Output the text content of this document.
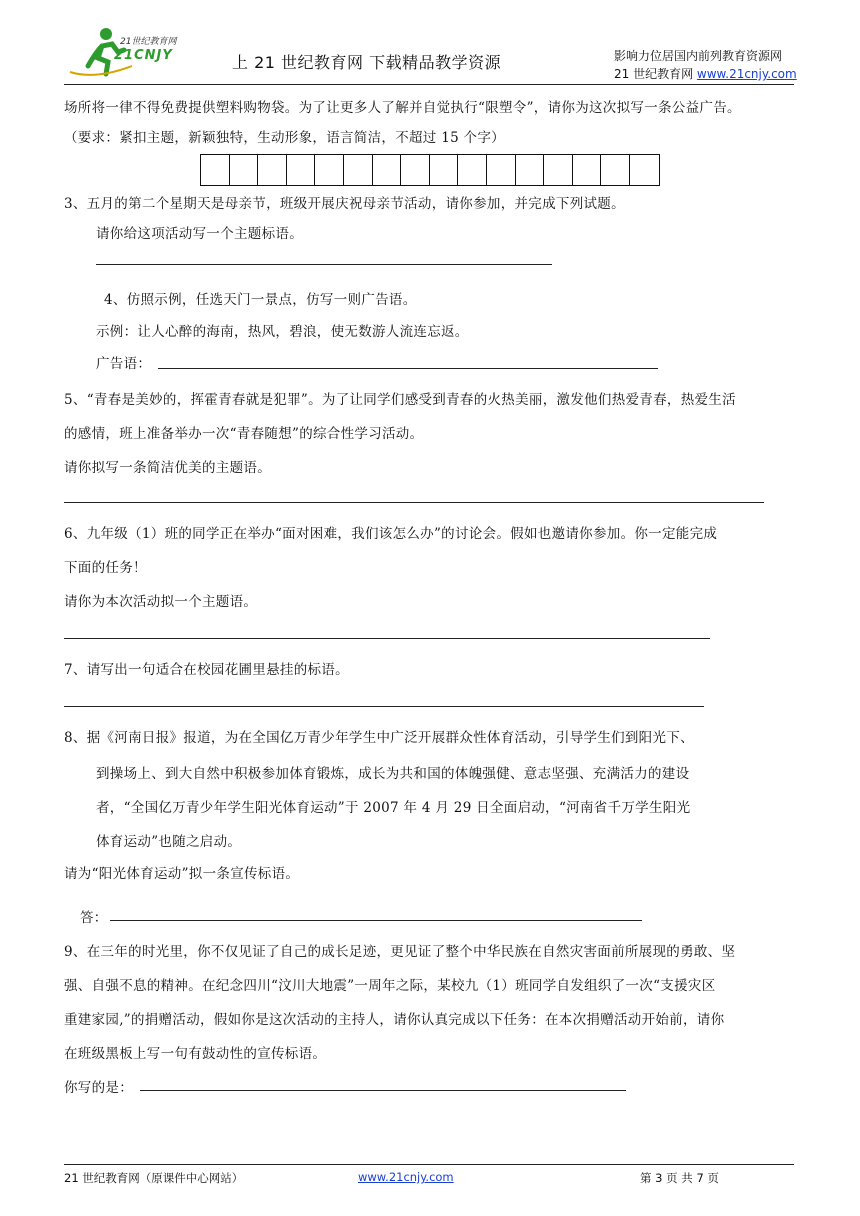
21世纪教育网
21CNJY	上 21 世纪教育网 下载精品教学资源	影响力位居国内前列教育资源网
21 世纪教育网 www.21cnjy.com
场所将一律不得免费提供塑料购物袋。为了让更多人了解并自觉执行“限塑令”，请你为这次拟写一条公益广告。
（要求：紧扣主题，新颖独特，生动形象，语言简洁，不超过 15 个字）
3、五月的第二个星期天是母亲节，班级开展庆祝母亲节活动，请你参加，并完成下列试题。
请你给这项活动写一个主题标语。
4、仿照示例，任选天门一景点，仿写一则广告语。
示例：让人心醉的海南，热风，碧浪，使无数游人流连忘返。
广告语：
5、“青春是美妙的，挥霍青春就是犯罪”。为了让同学们感受到青春的火热美丽，激发他们热爱青春，热爱生活
的感情，班上准备举办一次“青春随想”的综合性学习活动。
请你拟写一条简洁优美的主题语。
6、九年级（1）班的同学正在举办“面对困难，我们该怎么办”的讨论会。假如也邀请你参加。你一定能完成
下面的任务！
请你为本次活动拟一个主题语。
7、请写出一句适合在校园花圃里悬挂的标语。
8、据《河南日报》报道，为在全国亿万青少年学生中广泛开展群众性体育活动，引导学生们到阳光下、
到操场上、到大自然中积极参加体育锻炼，成长为共和国的体魄强健、意志坚强、充满活力的建设
者，“全国亿万青少年学生阳光体育运动”于 2007 年 4 月 29 日全面启动，“河南省千万学生阳光
体育运动”也随之启动。
请为“阳光体育运动”拟一条宣传标语。
答：
9、在三年的时光里，你不仅见证了自己的成长足迹，更见证了整个中华民族在自然灾害面前所展现的勇敢、坚
强、自强不息的精神。在纪念四川“汶川大地震”一周年之际，某校九（1）班同学自发组织了一次“支援灾区
重建家园,”的捐赠活动，假如你是这次活动的主持人，请你认真完成以下任务：在本次捐赠活动开始前，请你
在班级黑板上写一句有鼓动性的宣传标语。
你写的是：
21 世纪教育网（原课件中心网站）	www.21cnjy.com	第 3 页 共 7 页
